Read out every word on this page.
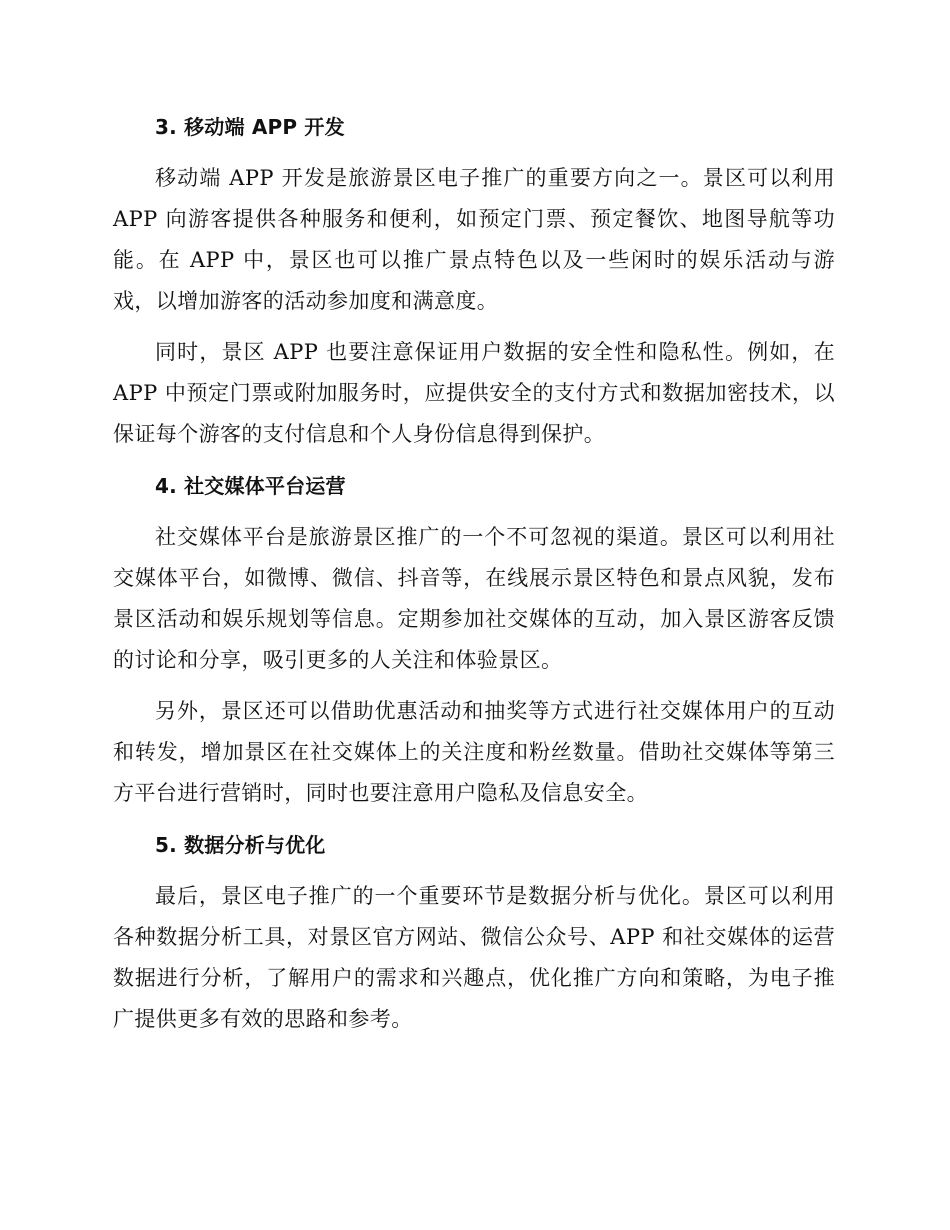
3. 移动端 APP 开发

移动端 APP 开发是旅游景区电子推广的重要方向之一。景区可以利用 APP 向游客提供各种服务和便利，如预定门票、预定餐饮、地图导航等功能。在 APP 中，景区也可以推广景点特色以及一些闲时的娱乐活动与游戏，以增加游客的活动参加度和满意度。

同时，景区 APP 也要注意保证用户数据的安全性和隐私性。例如，在 APP 中预定门票或附加服务时，应提供安全的支付方式和数据加密技术，以保证每个游客的支付信息和个人身份信息得到保护。

4. 社交媒体平台运营

社交媒体平台是旅游景区推广的一个不可忽视的渠道。景区可以利用社交媒体平台，如微博、微信、抖音等，在线展示景区特色和景点风貌，发布景区活动和娱乐规划等信息。定期参加社交媒体的互动，加入景区游客反馈的讨论和分享，吸引更多的人关注和体验景区。

另外，景区还可以借助优惠活动和抽奖等方式进行社交媒体用户的互动和转发，增加景区在社交媒体上的关注度和粉丝数量。借助社交媒体等第三方平台进行营销时，同时也要注意用户隐私及信息安全。

5. 数据分析与优化

最后，景区电子推广的一个重要环节是数据分析与优化。景区可以利用各种数据分析工具，对景区官方网站、微信公众号、APP 和社交媒体的运营数据进行分析，了解用户的需求和兴趣点，优化推广方向和策略，为电子推广提供更多有效的思路和参考。
